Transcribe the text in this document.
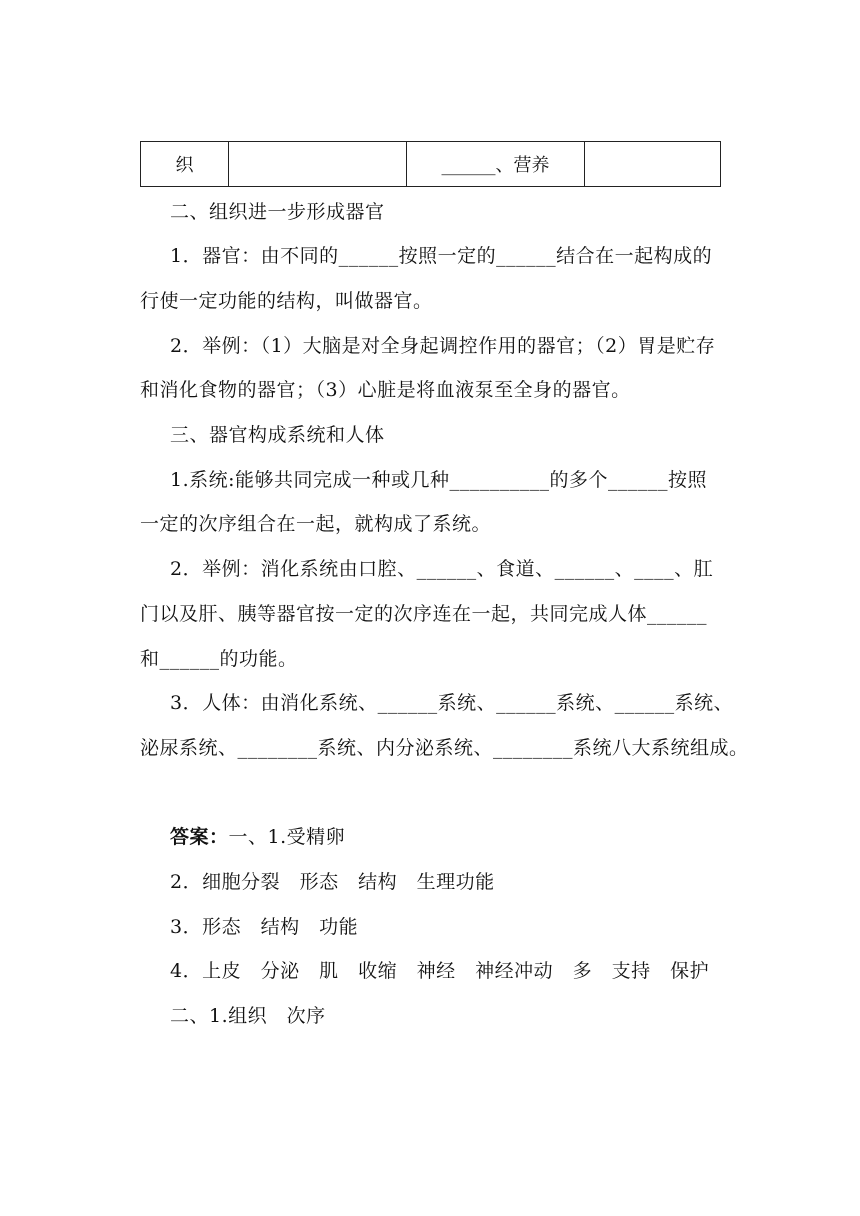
织		______、营养	
二、组织进一步形成器官
1．器官：由不同的______按照一定的______结合在一起构成的
行使一定功能的结构，叫做器官。
2．举例：（1）大脑是对全身起调控作用的器官；（2）胃是贮存
和消化食物的器官；（3）心脏是将血液泵至全身的器官。
三、器官构成系统和人体
1.系统:能够共同完成一种或几种__________的多个______按照
一定的次序组合在一起，就构成了系统。
2．举例：消化系统由口腔、______、食道、______、____、肛
门以及肝、胰等器官按一定的次序连在一起，共同完成人体______
和______的功能。
3．人体：由消化系统、______系统、______系统、______系统、
泌尿系统、________系统、内分泌系统、________系统八大系统组成。
答案：一、1.受精卵
2．细胞分裂　形态　结构　生理功能
3．形态　结构　功能
4．上皮　分泌　肌　收缩　神经　神经冲动　多　支持　保护
二、1.组织　次序
